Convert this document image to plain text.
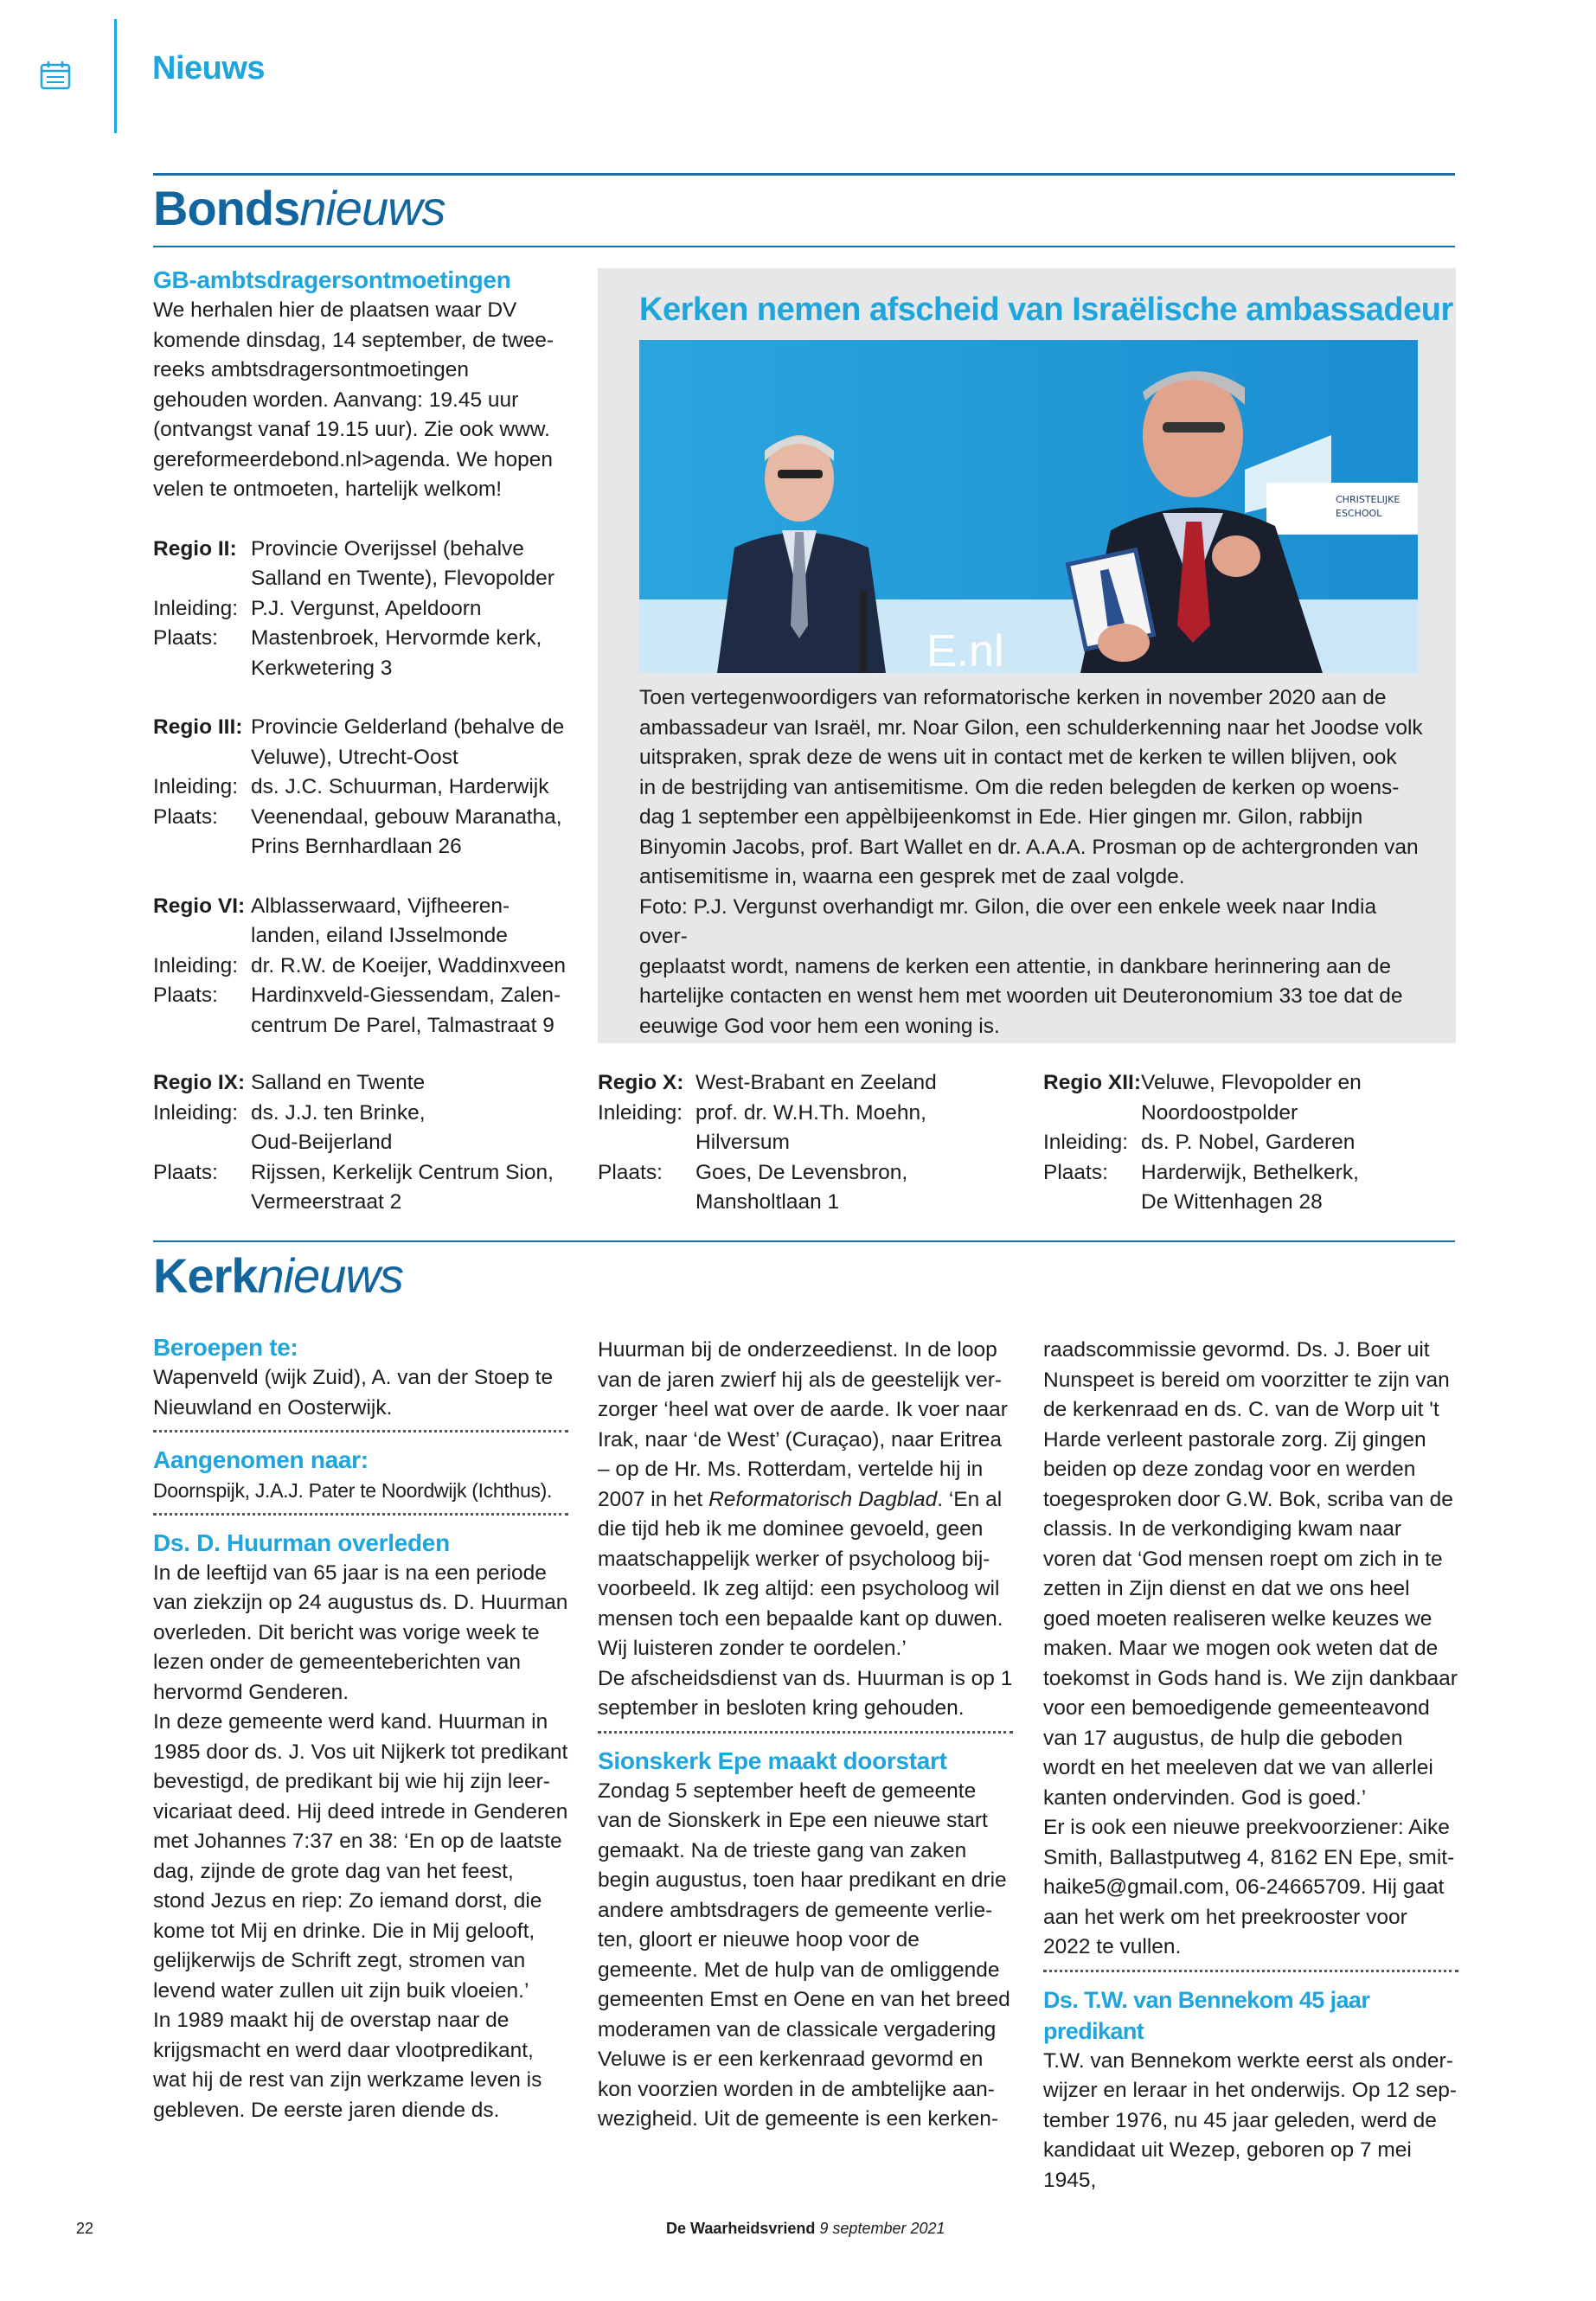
Nieuws
Bondsnieuws
GB-ambtsdragersontmoetingen

We herhalen hier de plaatsen waar DV

komende dinsdag, 14 september, de twee-

reeks ambtsdragersontmoetingen

gehouden worden. Aanvang: 19.45 uur

(ontvangst vanaf 19.15 uur). Zie ook www.

gereformeerdebond.nl>agenda. We hopen

velen te ontmoeten, hartelijk welkom!

Regio II:	Provincie Overijssel (behalve
Salland en Twente), Flevopolder

Inleiding:	P.J. Vergunst, Apeldoorn

Plaats:	Mastenbroek, Hervormde kerk,
Kerkwetering 3
Regio III:	Provincie Gelderland (behalve de
Veluwe), Utrecht-Oost

Inleiding:	ds. J.C. Schuurman, Harderwijk

Plaats:	Veenendaal, gebouw Maranatha,
Prins Bernhardlaan 26
Regio VI:	Alblasserwaard, Vijfheeren-
landen, eiland IJsselmonde

Inleiding:	dr. R.W. de Koeijer, Waddinxveen

Plaats:	Hardinxveld-Giessendam, Zalen-
centrum De Parel, Talmastraat 9
Kerken nemen afscheid van Israëlische ambassadeur
CHRISTELIJKE
ESCHOOL
E.nl

Toen vertegenwoordigers van reformatorische kerken in november 2020 aan de

ambassadeur van Israël, mr. Noar Gilon, een schulderkenning naar het Joodse volk

uitspraken, sprak deze de wens uit in contact met de kerken te willen blijven, ook

in de bestrijding van antisemitisme. Om die reden belegden de kerken op woens-

dag 1 september een appèlbijeenkomst in Ede. Hier gingen mr. Gilon, rabbijn

Binyomin Jacobs, prof. Bart Wallet en dr. A.A.A. Prosman op de achtergronden van

antisemitisme in, waarna een gesprek met de zaal volgde.

Foto: P.J. Vergunst overhandigt mr. Gilon, die over een enkele week naar India over-

geplaatst wordt, namens de kerken een attentie, in dankbare herinnering aan de

hartelijke contacten en wenst hem met woorden uit Deuteronomium 33 toe dat de

eeuwige God voor hem een woning is.

Regio IX:	Salland en Twente

Inleiding:	ds. J.J. ten Brinke,
Oud-Beijerland

Plaats:	Rijssen, Kerkelijk Centrum Sion,
Vermeerstraat 2
Regio X:	West-Brabant en Zeeland

Inleiding:	prof. dr. W.H.Th. Moehn,
Hilversum

Plaats:	Goes, De Levensbron,
Mansholtlaan 1
Regio XII:	Veluwe, Flevopolder en
Noordoostpolder

Inleiding:	ds. P. Nobel, Garderen

Plaats:	Harderwijk, Bethelkerk,
De Wittenhagen 28
Kerknieuws
Beroepen te:

Wapenveld (wijk Zuid), A. van der Stoep te

Nieuwland en Oosterwijk.

Aangenomen naar:

Doornspijk, J.A.J. Pater te Noordwijk (Ichthus).

Ds. D. Huurman overleden

In de leeftijd van 65 jaar is na een periode

van ziekzijn op 24 augustus ds. D. Huurman

overleden. Dit bericht was vorige week te

lezen onder de gemeenteberichten van

hervormd Genderen.

In deze gemeente werd kand. Huurman in

1985 door ds. J. Vos uit Nijkerk tot predikant

bevestigd, de predikant bij wie hij zijn leer-

vicariaat deed. Hij deed intrede in Genderen

met Johannes 7:37 en 38: ‘En op de laatste

dag, zijnde de grote dag van het feest,

stond Jezus en riep: Zo iemand dorst, die

kome tot Mij en drinke. Die in Mij gelooft,

gelijkerwijs de Schrift zegt, stromen van

levend water zullen uit zijn buik vloeien.’

In 1989 maakt hij de overstap naar de

krijgsmacht en werd daar vlootpredikant,

wat hij de rest van zijn werkzame leven is

gebleven. De eerste jaren diende ds.

Huurman bij de onderzeedienst. In de loop

van de jaren zwierf hij als de geestelijk ver-

zorger ‘heel wat over de aarde. Ik voer naar

Irak, naar ‘de West’ (Curaçao), naar Eritrea

– op de Hr. Ms. Rotterdam, vertelde hij in

2007 in het Reformatorisch Dagblad. ‘En al

die tijd heb ik me dominee gevoeld, geen

maatschappelijk werker of psycholoog bij-

voorbeeld. Ik zeg altijd: een psycholoog wil

mensen toch een bepaalde kant op duwen.

Wij luisteren zonder te oordelen.’

De afscheidsdienst van ds. Huurman is op 1

september in besloten kring gehouden.

Sionskerk Epe maakt doorstart

Zondag 5 september heeft de gemeente

van de Sionskerk in Epe een nieuwe start

gemaakt. Na de trieste gang van zaken

begin augustus, toen haar predikant en drie

andere ambtsdragers de gemeente verlie-

ten, gloort er nieuwe hoop voor de

gemeente. Met de hulp van de omliggende

gemeenten Emst en Oene en van het breed

moderamen van de classicale vergadering

Veluwe is er een kerkenraad gevormd en

kon voorzien worden in de ambtelijke aan-

wezigheid. Uit de gemeente is een kerken-

raadscommissie gevormd. Ds. J. Boer uit

Nunspeet is bereid om voorzitter te zijn van

de kerkenraad en ds. C. van de Worp uit 't

Harde verleent pastorale zorg. Zij gingen

beiden op deze zondag voor en werden

toegesproken door G.W. Bok, scriba van de

classis. In de verkondiging kwam naar

voren dat ‘God mensen roept om zich in te

zetten in Zijn dienst en dat we ons heel

goed moeten realiseren welke keuzes we

maken. Maar we mogen ook weten dat de

toekomst in Gods hand is. We zijn dankbaar

voor een bemoedigende gemeenteavond

van 17 augustus, de hulp die geboden

wordt en het meeleven dat we van allerlei

kanten ondervinden. God is goed.’

Er is ook een nieuwe preekvoorziener: Aike

Smith, Ballastputweg 4, 8162 EN Epe, smit-

haike5@gmail.com, 06-24665709. Hij gaat

aan het werk om het preekrooster voor

2022 te vullen.

Ds. T.W. van Bennekom 45 jaar predikant

T.W. van Bennekom werkte eerst als onder-

wijzer en leraar in het onderwijs. Op 12 sep-

tember 1976, nu 45 jaar geleden, werd de

kandidaat uit Wezep, geboren op 7 mei 1945,

22	De Waarheidsvriend 9 september 2021
